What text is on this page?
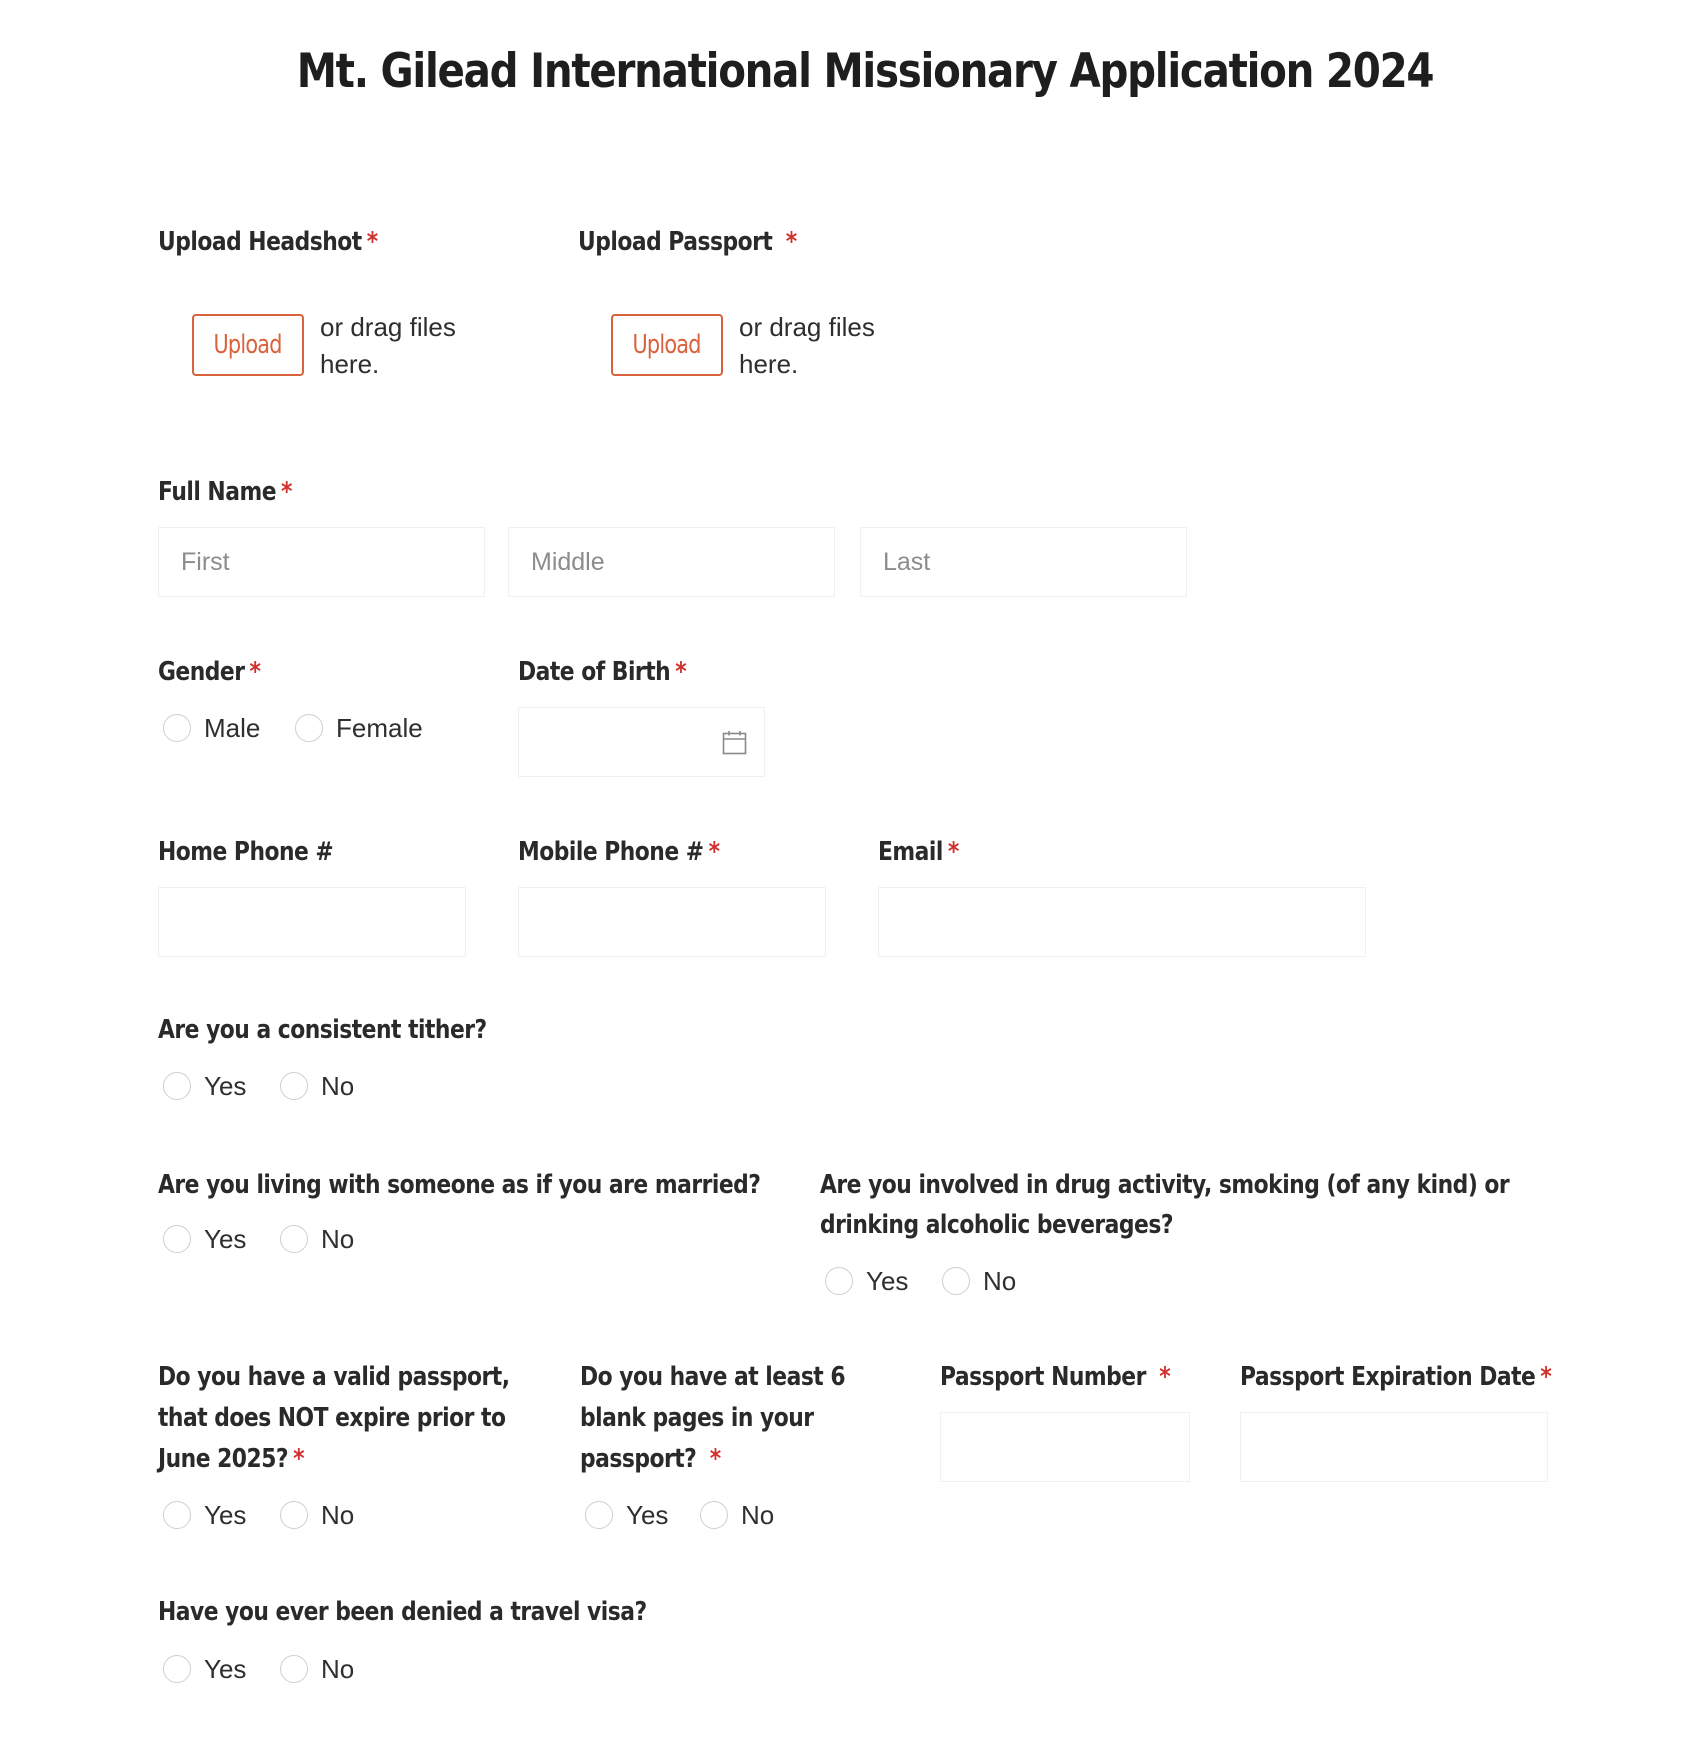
Mt. Gilead International Missionary Application 2024
Upload Headshot *
Upload
or drag files here.
Upload Passport *
Upload
or drag files here.
Full Name *
First
Middle
Last
Gender *
Male	Female
Date of Birth *
Home Phone #	Mobile Phone # *	Email *
Are you a consistent tither?
Yes	No
Are you living with someone as if you are married?
Yes	No
Are you involved in drug activity, smoking (of any kind) or
drinking alcoholic beverages?
Yes	No
Do you have a valid passport,
that does NOT expire prior to
June 2025? *
Yes	No
Do you have at least 6
blank pages in your
passport? *
Yes	No
Passport Number *	Passport Expiration Date *
Have you ever been denied a travel visa?
Yes	No
